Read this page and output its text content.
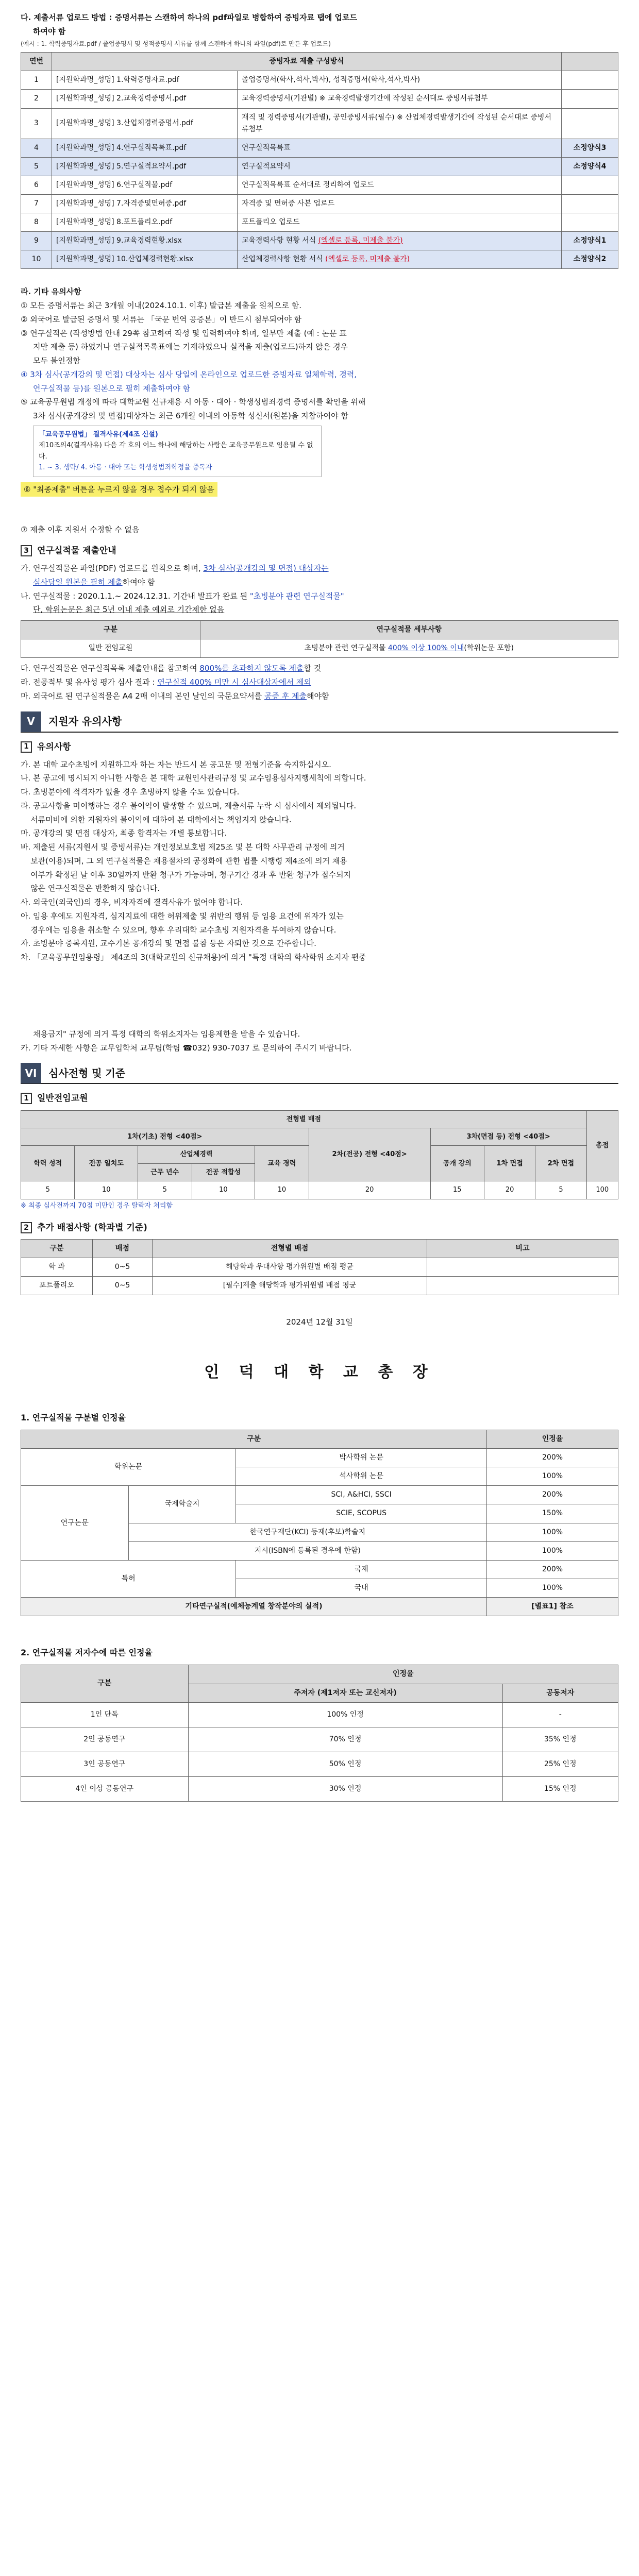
다. 제출서류 업로드 방법 : 증명서류는 스캔하여 하나의 pdf파일로 병합하여 증빙자료 탭에 업로드
하여야 함
(예시 : 1. 학력증명자료.pdf / 졸업증명서 및 성적증명서 서류를 함께 스캔하여 하나의 파일(pdf)로 만든 후 업로드)
연번	증빙자료 제출 구성방식		
1	[지원학과명_성명] 1.학력증명자료.pdf	졸업증명서(학사,석사,박사), 성적증명서(학사,석사,박사)	
2	[지원학과명_성명] 2.교육경력증명서.pdf	교육경력증명서(기관별) ※ 교육경력발생기간에 작성된 순서대로 증빙서류첨부	
3	[지원학과명_성명] 3.산업체경력증명서.pdf	재직 및 경력증명서(기관별), 공인증빙서류(필수) ※ 산업체경력발생기간에 작성된 순서대로 증빙서류첨부	
4	[지원학과명_성명] 4.연구실적목록표.pdf	연구실적목록표	소정양식3
5	[지원학과명_성명] 5.연구실적요약서.pdf	연구실적요약서	소정양식4
6	[지원학과명_성명] 6.연구실적물.pdf	연구실적목록표 순서대로 정리하여 업로드	
7	[지원학과명_성명] 7.자격증및면허증.pdf	자격증 및 면허증 사본 업로드	
8	[지원학과명_성명] 8.포트폴리오.pdf	포트폴리오 업로드	
9	[지원학과명_성명] 9.교육경력현황.xlsx	교육경력사항 현황 서식 (엑셀로 등록, 미제출 불가)	소정양식1
10	[지원학과명_성명] 10.산업체경력현황.xlsx	산업체경력사항 현황 서식 (엑셀로 등록, 미제출 불가)	소정양식2
라. 기타 유의사항
① 모든 증명서류는 최근 3개월 이내(2024.10.1. 이후) 발급본 제출을 원칙으로 함.
② 외국어로 발급된 증명서 및 서류는 「국문 번역 공증본」이 반드시 첨부되어야 함
③ 연구실적은 (작성방법 안내 29쪽 참고하여 작성 및 입력하여야 하며, 일부만 제출 (예 : 논문 표
지만 제출 등) 하였거나 연구실적목록표에는 기재하였으나 실적을 제출(업로드)하지 않은 경우
모두 불인정함
④ 3차 심사(공개강의 및 면접) 대상자는 심사 당일에 온라인으로 업로드한 증빙자료 일체학력, 경력,
연구실적물 등)를 원본으로 필히 제출하여야 함
⑤ 교육공무원법 개정에 따라 대학교원 신규채용 시 아동 · 대아 · 학생성범죄경력 증명서를 확인을 위해
3차 심사(공개강의 및 면접)대상자는 최근 6개월 이내의 아동학 성신서(원본)을 지참하여야 함
「교육공무원법」 결격사유(제4조 신설)
제10조의4(결격사유) 다음 각 호의 어느 하나에 해당하는 사람은 교육공무원으로 임용될 수 없다.
1. ~ 3. 생략/ 4. 아동 · 대아 또는 학생성범죄학정을 중독자
⑥ "최종제출" 버튼을 누르지 않을 경우 접수가 되지 않음
⑦ 제출 이후 지원서 수정할 수 없음
3 연구실적물 제출안내
가. 연구실적물은 파일(PDF) 업로드를 원칙으로 하며, 3차 심사(공개강의 및 면접) 대상자는
심사당일 원본을 필히 제출하여야 함
나. 연구실적물 : 2020.1.1.~ 2024.12.31. 기간내 발표가 완료 된 "초빙분야 관련 연구실적물"
단, 학위논문은 최근 5년 이내 제출 예외로 기간제한 없음
구분	연구실적물 세부사항
일반 전임교원	초빙분야 관련 연구실적물 400% 이상 100% 이내(학위논문 포함)
다. 연구실적물은 연구실적목록 제출안내를 참고하여 800%를 초과하지 않도록 제출할 것
라. 전공적부 및 유사성 평가 심사 결과 : 연구실적 400% 미만 시 심사대상자에서 제외
마. 외국어로 된 연구실적물은 A4 2매 이내의 본인 날인의 국문요약서를 공증 후 제출해야함
V	지원자 유의사항
1 유의사항
가. 본 대학 교수초빙에 지원하고자 하는 자는 반드시 본 공고문 및 전형기준을 숙지하십시오.
나. 본 공고에 명시되지 아니한 사항은 본 대학 교원인사관리규정 및 교수임용심사지행세칙에 의합니다.
다. 초빙분야에 적격자가 없을 경우 초빙하지 않을 수도 있습니다.
라. 공고사항을 미이행하는 경우 불이익이 발생할 수 있으며, 제출서류 누락 시 심사에서 제외됩니다.
서류미비에 의한 지원자의 불이익에 대하여 본 대학에서는 책임지지 않습니다.
마. 공개강의 및 면접 대상자, 최종 합격자는 개별 통보합니다.
바. 제출된 서류(지원서 및 증빙서류)는 개인정보보호법 제25조 및 본 대학 사무관리 규정에 의거
보관(이용)되며, 그 외 연구실적물은 채용절차의 공정화에 관한 법률 시행령 제4조에 의거 채용
여부가 확정된 날 이후 30일까지 반환 청구가 가능하며, 청구기간 경과 후 반환 청구가 접수되지
않은 연구실적물은 반환하지 않습니다.
사. 외국인(외국인)의 경우, 비자자격에 결격사유가 없어야 합니다.
아. 임용 후에도 지원자격, 심지지료에 대한 허위제출 및 위반의 행위 등 임용 요건에 위자가 있는
경우에는 임용을 취소할 수 있으며, 향후 우리대학 교수초빙 지원자격을 부여하지 않습니다.
자. 초빙분야 중복지원, 교수기본 공개강의 및 면접 불참 등은 자퇴한 것으로 간주합니다.
차. 「교육공무원임용령」 제4조의 3(대학교원의 신규채용)에 의거 "특정 대학의 학사학위 소지자 편중
채용금지" 규정에 의거 특정 대학의 학위소지자는 임용제한을 받을 수 있습니다.
카. 기타 자세한 사항은 교무입학처 교무팀(학팀 ☎032) 930-7037 로 문의하여 주시기 바랍니다.
VI	심사전형 및 기준
1 일반전임교원
전형별 배점									총점
1차(기초) 전형 <40점>					2차(전공) 전형 <40점>	3차(면접 등) 전형 <40점>			
학력 성적	전공 일치도	산업체경력		교육 경력		공개 강의	1차 면접	2차 면접	
		근무 년수	전공 적합성						
5	10	5	10	10	20	15	20	5	100
※ 최종 심사전까지 70점 미만인 경우 탈락자 처리함
2 추가 배점사항 (학과별 기준)
구분	배점	전형별 배점	비고
학 과	0~5	해당학과 우대사항 평가위원별 배점 평균	
포트폴리오	0~5	[필수]제출 해당학과 평가위원별 배점 평균	
2024년 12월 31일
인 덕 대 학 교 총 장
1. 연구실적물 구분별 인정율
구분			인정율
학위논문		박사학위 논문	200%
		석사학위 논문	100%
연구논문	국제학술지	SCI, A&HCI, SSCI	200%
		SCIE, SCOPUS	150%
	한국연구재단(KCI) 등재(후보)학술지		100%
	지시(ISBN에 등록된 경우에 한함)		100%
특허		국제	200%
		국내	100%
기타연구실적(예체능계열 창작분야의 실적)			[별표1] 참조
2. 연구실적물 저자수에 따른 인정율
구분	인정율	
	주저자 (제1저자 또는 교신저자)	공동저자
1인 단독	100% 인정	-
2인 공동연구	70% 인정	35% 인정
3인 공동연구	50% 인정	25% 인정
4인 이상 공동연구	30% 인정	15% 인정
